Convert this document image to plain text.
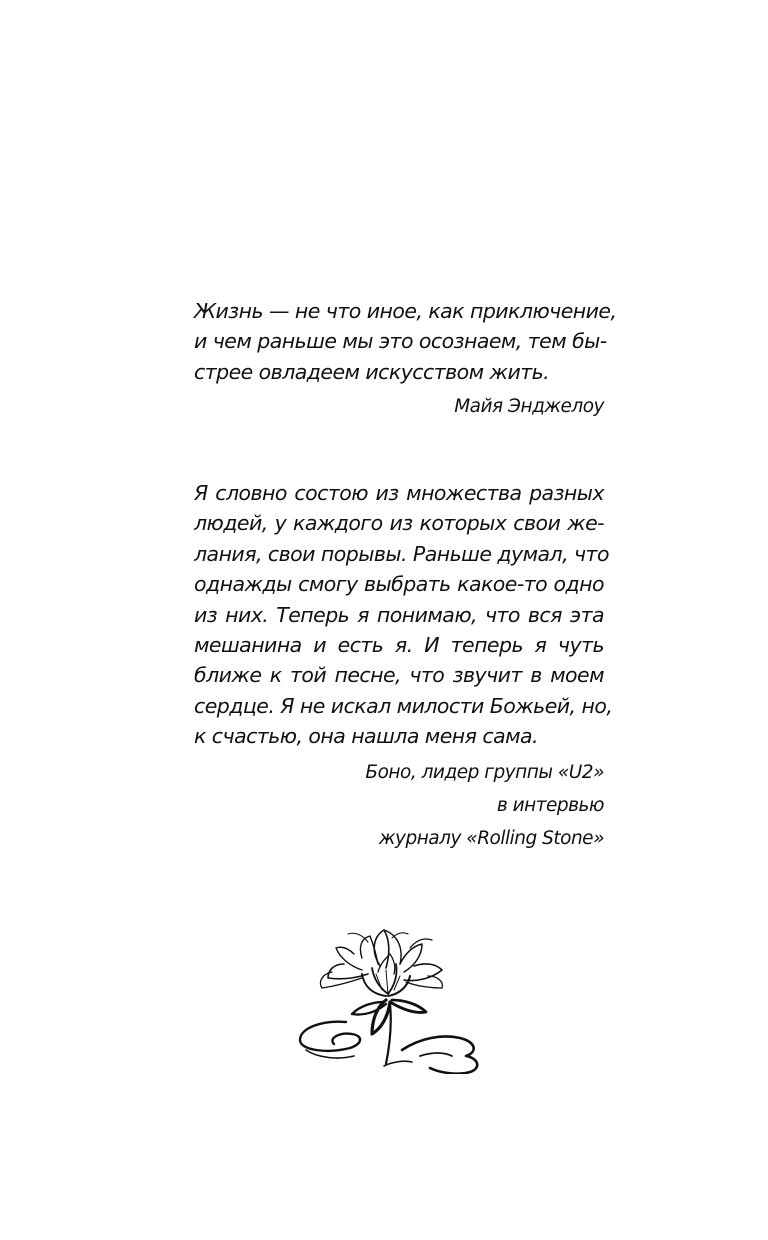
Жизнь — не что иное, как приключение,

и чем раньше мы это осознаем, тем бы-

стрее овладеем искусством жить.

Майя Энджелоу

Я словно состою из множества разных

людей, у каждого из которых свои же-

лания, свои порывы. Раньше думал, что

однажды смогу выбрать какое-то одно

из них. Теперь я понимаю, что вся эта

мешанина и есть я. И теперь я чуть

ближе к той песне, что звучит в моем

сердце. Я не искал милости Божьей, но,

к счастью, она нашла меня сама.

Боно, лидер группы «U2»

в интервью

журналу «Rolling Stone»
